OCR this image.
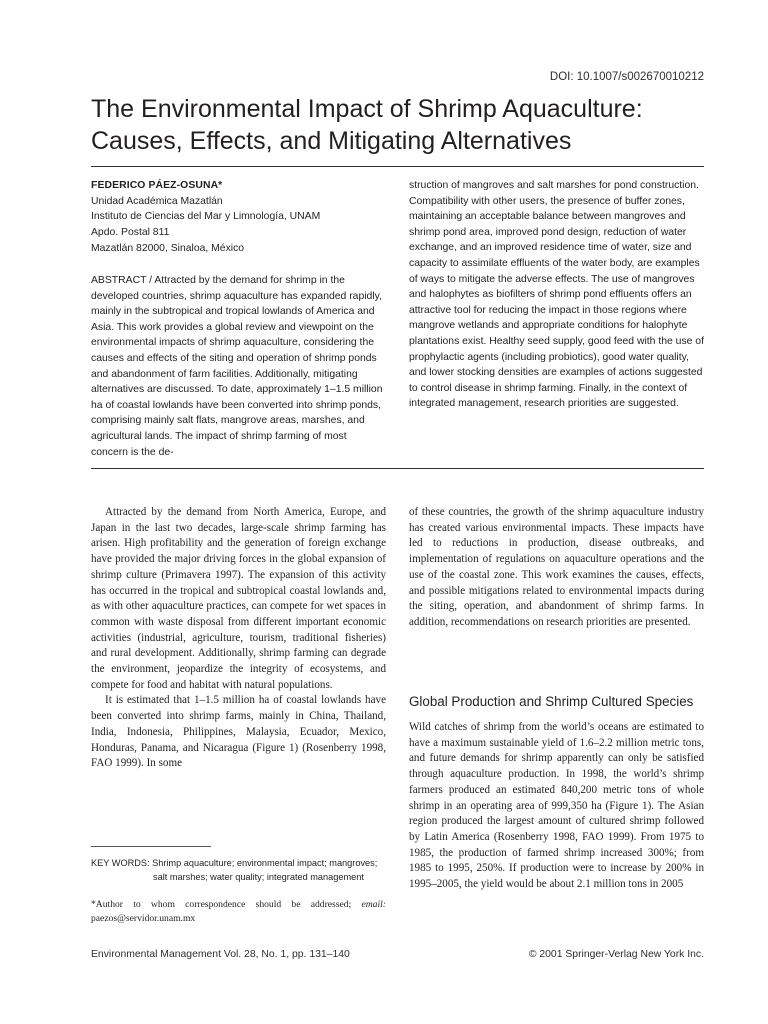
DOI: 10.1007/s002670010212
The Environmental Impact of Shrimp Aquaculture:
Causes, Effects, and Mitigating Alternatives
FEDERICO PÁEZ-OSUNA*
Unidad Académica Mazatlán
Instituto de Ciencias del Mar y Limnología, UNAM
Apdo. Postal 811
Mazatlán 82000, Sinaloa, México
ABSTRACT / Attracted by the demand for shrimp in the developed countries, shrimp aquaculture has expanded rapidly, mainly in the subtropical and tropical lowlands of America and Asia. This work provides a global review and viewpoint on the environmental impacts of shrimp aquaculture, considering the causes and effects of the siting and operation of shrimp ponds and abandonment of farm facilities. Additionally, mitigating alternatives are discussed. To date, approximately 1–1.5 million ha of coastal lowlands have been converted into shrimp ponds, comprising mainly salt flats, mangrove areas, marshes, and agricultural lands. The impact of shrimp farming of most concern is the de-
struction of mangroves and salt marshes for pond construction. Compatibility with other users, the presence of buffer zones, maintaining an acceptable balance between mangroves and shrimp pond area, improved pond design, reduction of water exchange, and an improved residence time of water, size and capacity to assimilate effluents of the water body, are examples of ways to mitigate the adverse effects. The use of mangroves and halophytes as biofilters of shrimp pond effluents offers an attractive tool for reducing the impact in those regions where mangrove wetlands and appropriate conditions for halophyte plantations exist. Healthy seed supply, good feed with the use of prophylactic agents (including probiotics), good water quality, and lower stocking densities are examples of actions suggested to control disease in shrimp farming. Finally, in the context of integrated management, research priorities are suggested.

Attracted by the demand from North America, Europe, and Japan in the last two decades, large-scale shrimp farming has arisen. High profitability and the generation of foreign exchange have provided the major driving forces in the global expansion of shrimp culture (Primavera 1997). The expansion of this activity has occurred in the tropical and subtropical coastal lowlands and, as with other aquaculture practices, can compete for wet spaces in common with waste disposal from different important economic activities (industrial, agriculture, tourism, traditional fisheries) and rural development. Additionally, shrimp farming can degrade the environment, jeopardize the integrity of ecosystems, and compete for food and habitat with natural populations.

It is estimated that 1–1.5 million ha of coastal lowlands have been converted into shrimp farms, mainly in China, Thailand, India, Indonesia, Philippines, Malaysia, Ecuador, Mexico, Honduras, Panama, and Nicaragua (Figure 1) (Rosenberry 1998, FAO 1999). In some

of these countries, the growth of the shrimp aquaculture industry has created various environmental impacts. These impacts have led to reductions in production, disease outbreaks, and implementation of regulations on aquaculture operations and the use of the coastal zone. This work examines the causes, effects, and possible mitigations related to environmental impacts during the siting, operation, and abandonment of shrimp farms. In addition, recommendations on research priorities are presented.

Global Production and Shrimp Cultured Species

Wild catches of shrimp from the world’s oceans are estimated to have a maximum sustainable yield of 1.6–2.2 million metric tons, and future demands for shrimp apparently can only be satisfied through aquaculture production. In 1998, the world’s shrimp farmers produced an estimated 840,200 metric tons of whole shrimp in an operating area of 999,350 ha (Figure 1). The Asian region produced the largest amount of cultured shrimp followed by Latin America (Rosenberry 1998, FAO 1999). From 1975 to 1985, the production of farmed shrimp increased 300%; from 1985 to 1995, 250%. If production were to increase by 200% in 1995–2005, the yield would be about 2.1 million tons in 2005

KEY WORDS: Shrimp aquaculture; environmental impact; mangroves;
salt marshes; water quality; integrated management
*Author to whom correspondence should be addressed; email: paezos@servidor.unam.mx
Environmental Management Vol. 28, No. 1, pp. 131–140	© 2001 Springer-Verlag New York Inc.
